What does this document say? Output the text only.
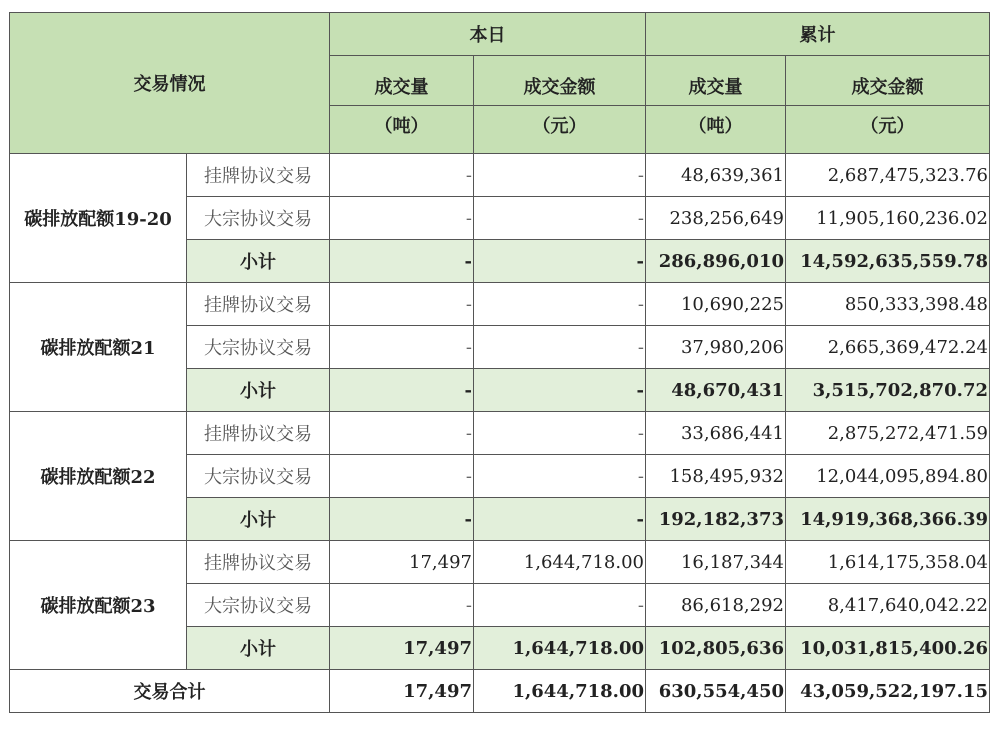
交易情况		本日		累计	
		成交量	成交金额	成交量	成交金额
		（吨）	（元）	（吨）	（元）
碳排放配额19-20	挂牌协议交易	-	-	48,639,361	2,687,475,323.76
	大宗协议交易	-	-	238,256,649	11,905,160,236.02
	小计	-	-	286,896,010	14,592,635,559.78
碳排放配额21	挂牌协议交易	-	-	10,690,225	850,333,398.48
	大宗协议交易	-	-	37,980,206	2,665,369,472.24
	小计	-	-	48,670,431	3,515,702,870.72
碳排放配额22	挂牌协议交易	-	-	33,686,441	2,875,272,471.59
	大宗协议交易	-	-	158,495,932	12,044,095,894.80
	小计	-	-	192,182,373	14,919,368,366.39
碳排放配额23	挂牌协议交易	17,497	1,644,718.00	16,187,344	1,614,175,358.04
	大宗协议交易	-	-	86,618,292	8,417,640,042.22
	小计	17,497	1,644,718.00	102,805,636	10,031,815,400.26
交易合计		17,497	1,644,718.00	630,554,450	43,059,522,197.15
